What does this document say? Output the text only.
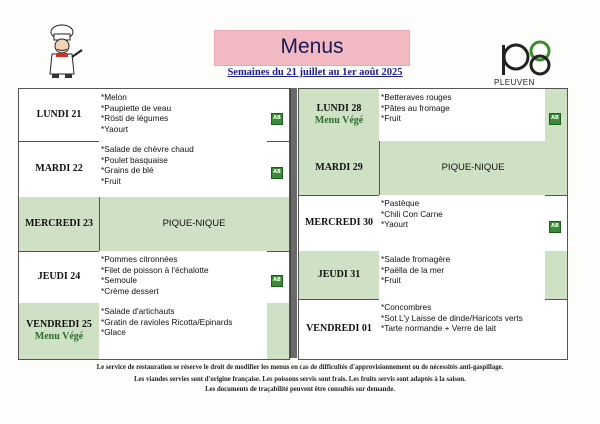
Menus
Semaines du 21 juillet au 1er août 2025
PLEUVEN
LUNDI 21
*Melon
*Paupiette de veau
*Rösti de légumes
*Yaourt
AB
MARDI 22
*Salade de chèvre chaud
*Poulet basquaise
*Grains de blé
*Fruit
AB
MERCREDI 23	PIQUE-NIQUE
JEUDI 24
*Pommes citronnées
*Filet de poisson à l'échalotte
*Semoule
*Crème dessert
AB
VENDREDI 25
Menu Végé
*Salade d'artichauts
*Gratin de ravioles Ricotta/Epinards
*Glace
LUNDI 28
Menu Végé
*Betteraves rouges
*Pâtes au fromage
*Fruit	AB
MARDI 29	PIQUE-NIQUE
MERCREDI 30
*Pastèque
*Chili Con Carne
*Yaourt	AB
JEUDI 31
*Salade fromagère
*Paëlla de la mer
*Fruit
VENDREDI 01
*Concombres
*Sot L'y Laisse de dinde/Haricots verts
*Tarte normande + Verre de lait
Le service de restauration se réserve le droit de modifier les menus en cas de difficultés d'approvisionnement ou de nécessités anti-gaspillage.
Les viandes servies sont d'origine française. Les poissons servis sont frais. Les fruits servis sont adaptés à la saison.
Les documents de traçabilité peuvent être consultés sur demande.
